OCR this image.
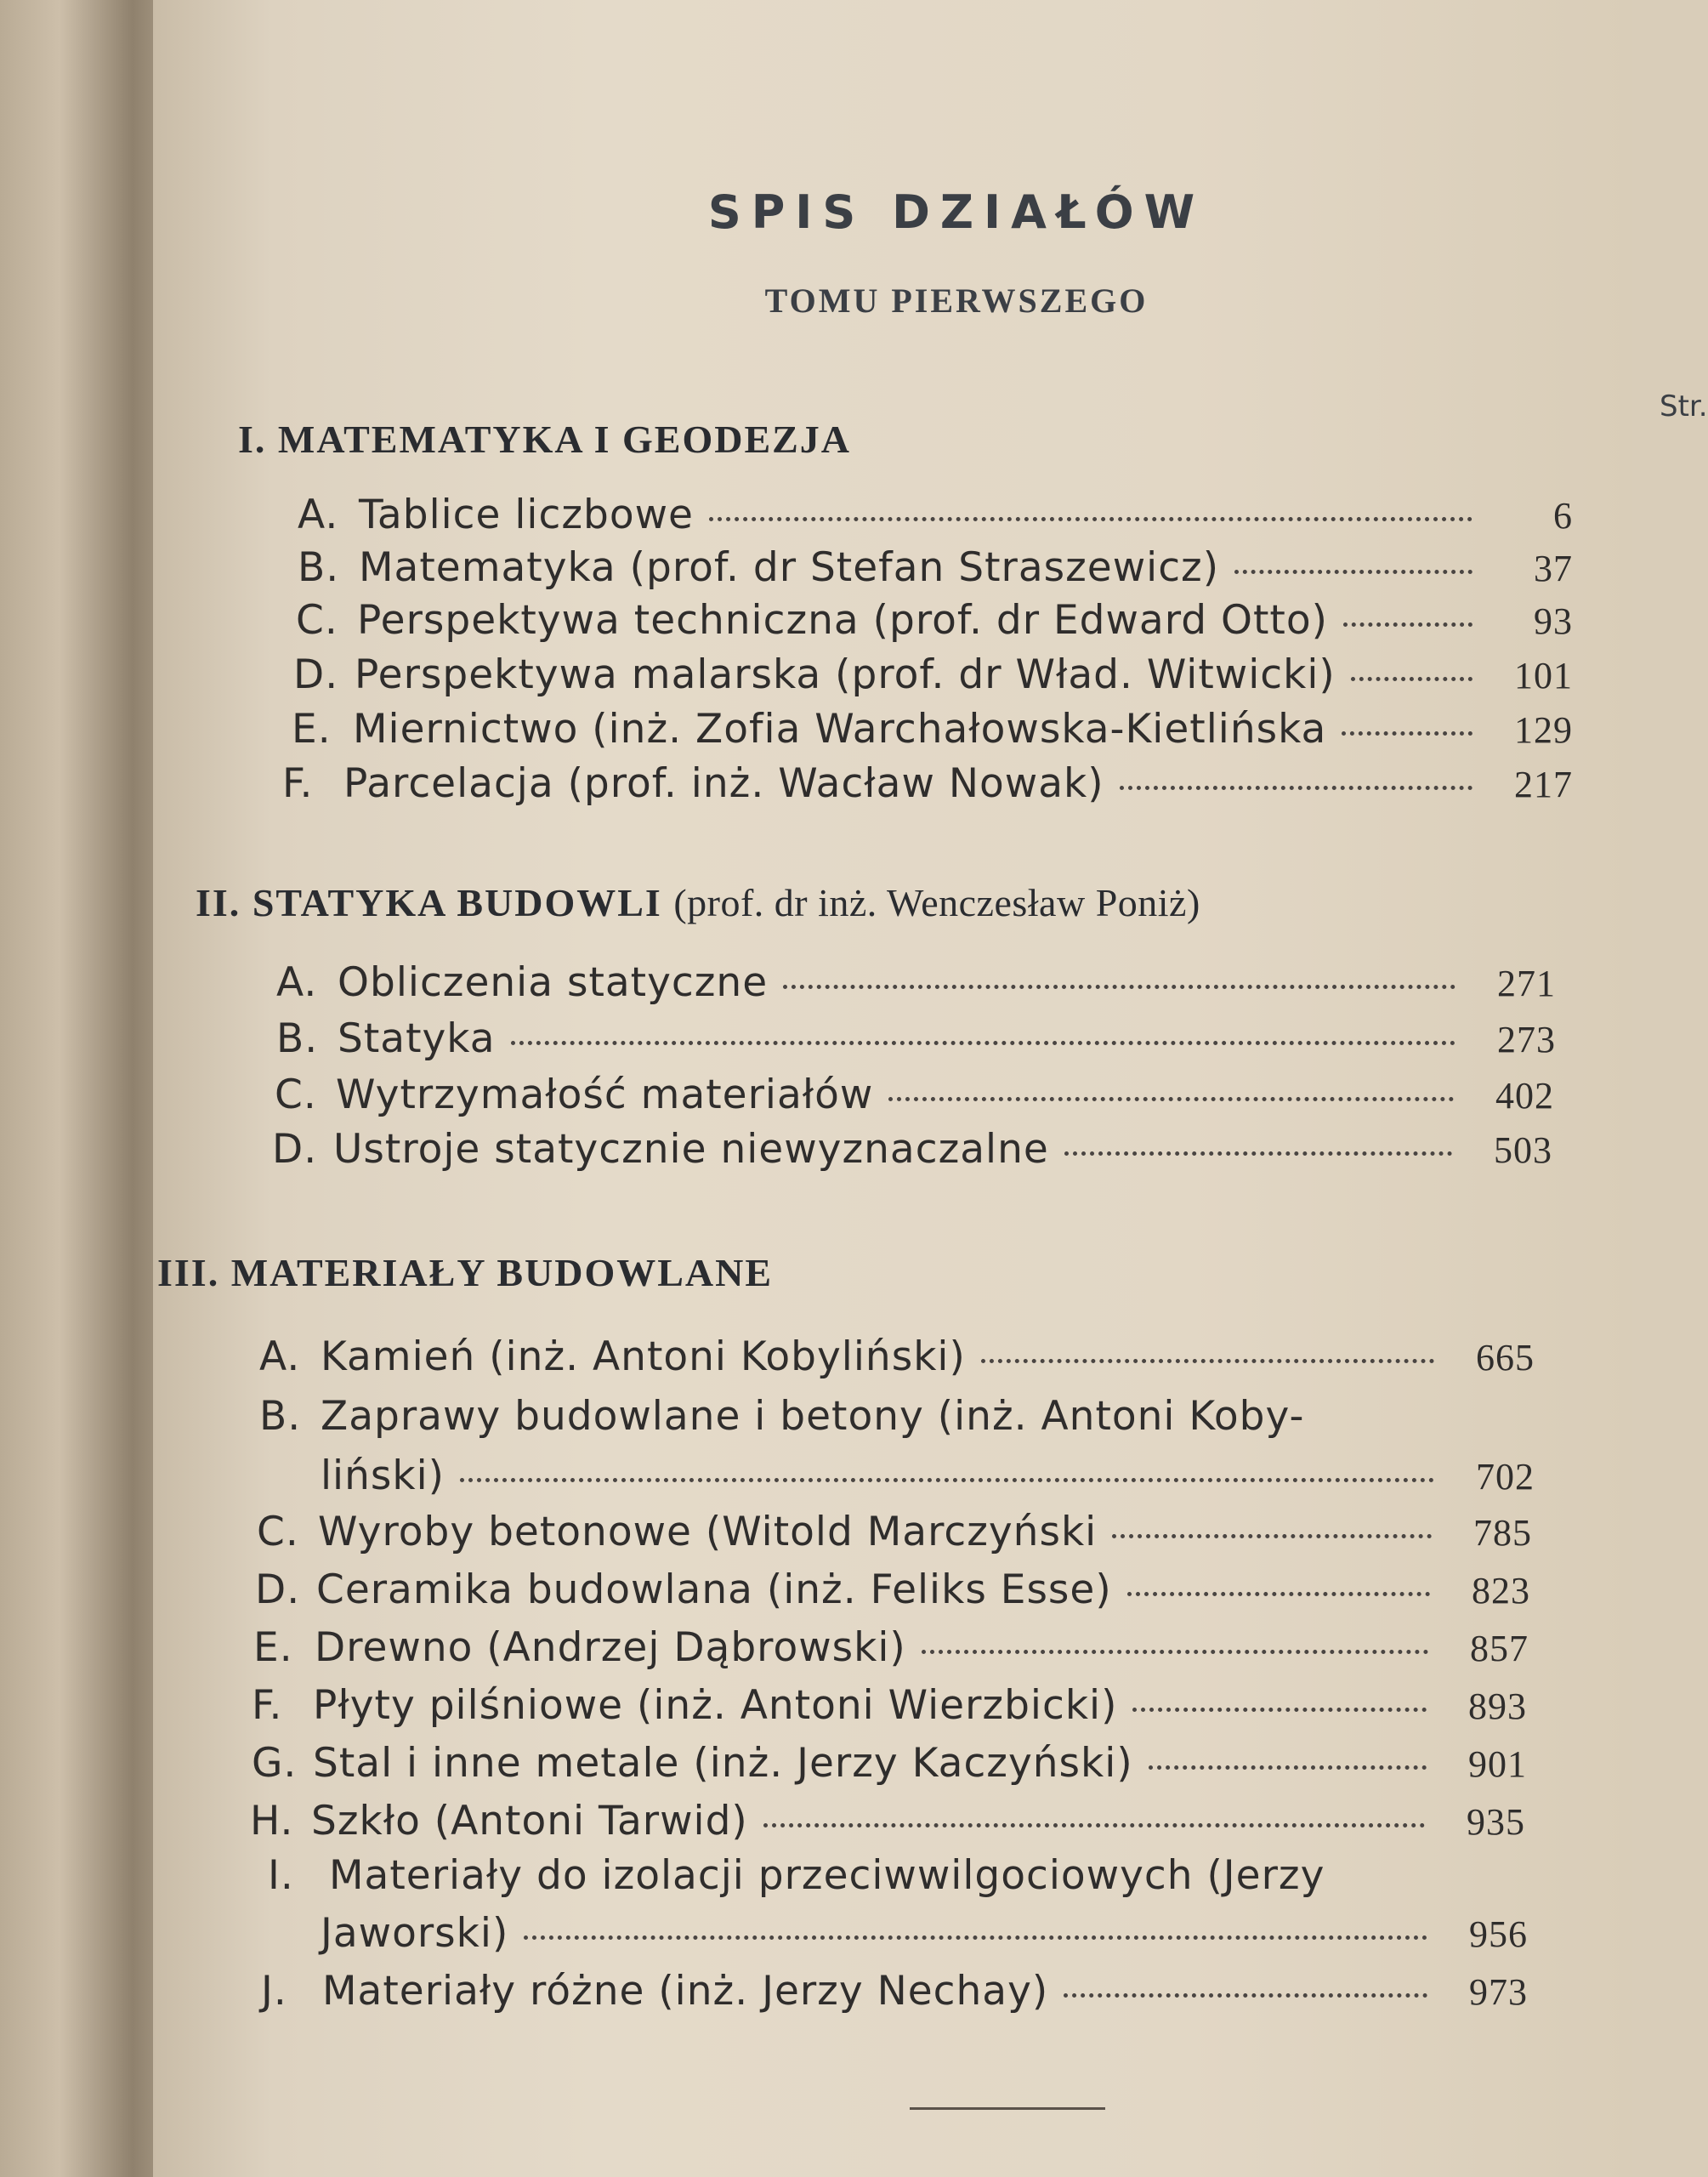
SPIS DZIAŁÓW
TOMU PIERWSZEGO
Str.
I. MATEMATYKA I GEODEZJA
A. Tablice liczbowe	6
B. Matematyka (prof. dr Stefan Straszewicz)	37
C. Perspektywa techniczna (prof. dr Edward Otto)	93
D. Perspektywa malarska (prof. dr Wład. Witwicki)	101
E. Miernictwo (inż. Zofia Warchałowska-Kietlińska	129
F. Parcelacja (prof. inż. Wacław Nowak)	217
II. STATYKA BUDOWLI (prof. dr inż. Wenczesław Poniż)
A. Obliczenia statyczne	271
B. Statyka	273
C. Wytrzymałość materiałów	402
D. Ustroje statycznie niewyznaczalne	503
III. MATERIAŁY BUDOWLANE
A. Kamień (inż. Antoni Kobyliński)	665
B. Zaprawy budowlane i betony (inż. Antoni Koby-
liński)	702
C. Wyroby betonowe (Witold Marczyński	785
D. Ceramika budowlana (inż. Feliks Esse)	823
E. Drewno (Andrzej Dąbrowski)	857
F. Płyty pilśniowe (inż. Antoni Wierzbicki)	893
G. Stal i inne metale (inż. Jerzy Kaczyński)	901
H. Szkło (Antoni Tarwid)	935
I. Materiały do izolacji przeciwwilgociowych (Jerzy
Jaworski)	956
J. Materiały różne (inż. Jerzy Nechay)	973
